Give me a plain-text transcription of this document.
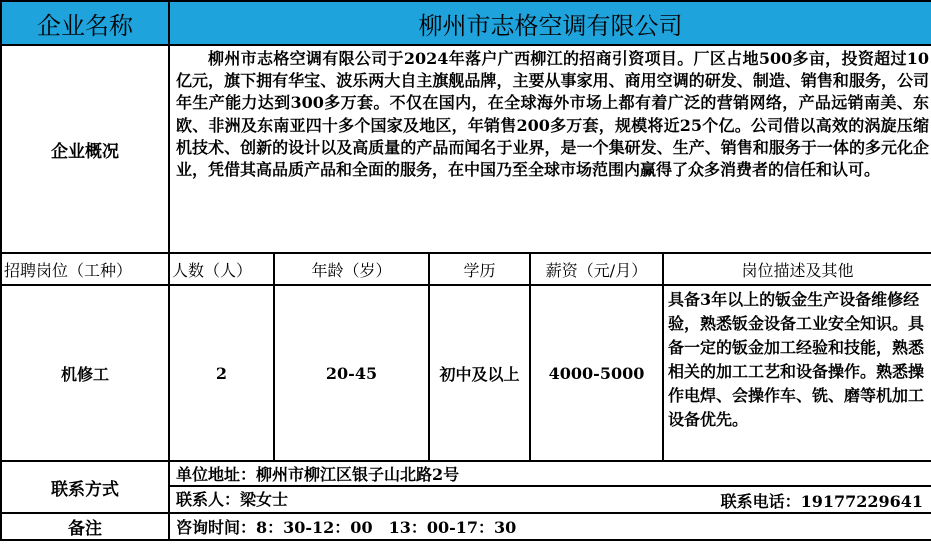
企业名称	柳州市志格空调有限公司
企业概况	柳州市志格空调有限公司于2024年落户广西柳江的招商引资项目。厂区占地500多亩，投资超过10亿元，旗下拥有华宝、波乐两大自主旗舰品牌，主要从事家用、商用空调的研发、制造、销售和服务，公司年生产能力达到300多万套。不仅在国内，在全球海外市场上都有着广泛的营销网络，产品远销南美、东欧、非洲及东南亚四十多个国家及地区，年销售200多万套，规模将近25个亿。公司借以高效的涡旋压缩机技术、创新的设计以及高质量的产品而闻名于业界，是一个集研发、生产、销售和服务于一体的多元化企业，凭借其高品质产品和全面的服务，在中国乃至全球市场范围内赢得了众多消费者的信任和认可。
招聘岗位（工种）	人数（人）	年龄（岁）	学历	薪资（元/月）	岗位描述及其他
机修工	2	20-45	初中及以上	4000-5000	具备3年以上的钣金生产设备维修经验，熟悉钣金设备工业安全知识。具备一定的钣金加工经验和技能，熟悉相关的加工工艺和设备操作。熟悉操作电焊、会操作车、铣、磨等机加工设备优先。
联系方式	
单位地址：柳州市柳江区银子山北路2号
联系人：梁女士	联系电话：19177229641

备注	咨询时间：8：30-12：00　13：00-17：30
